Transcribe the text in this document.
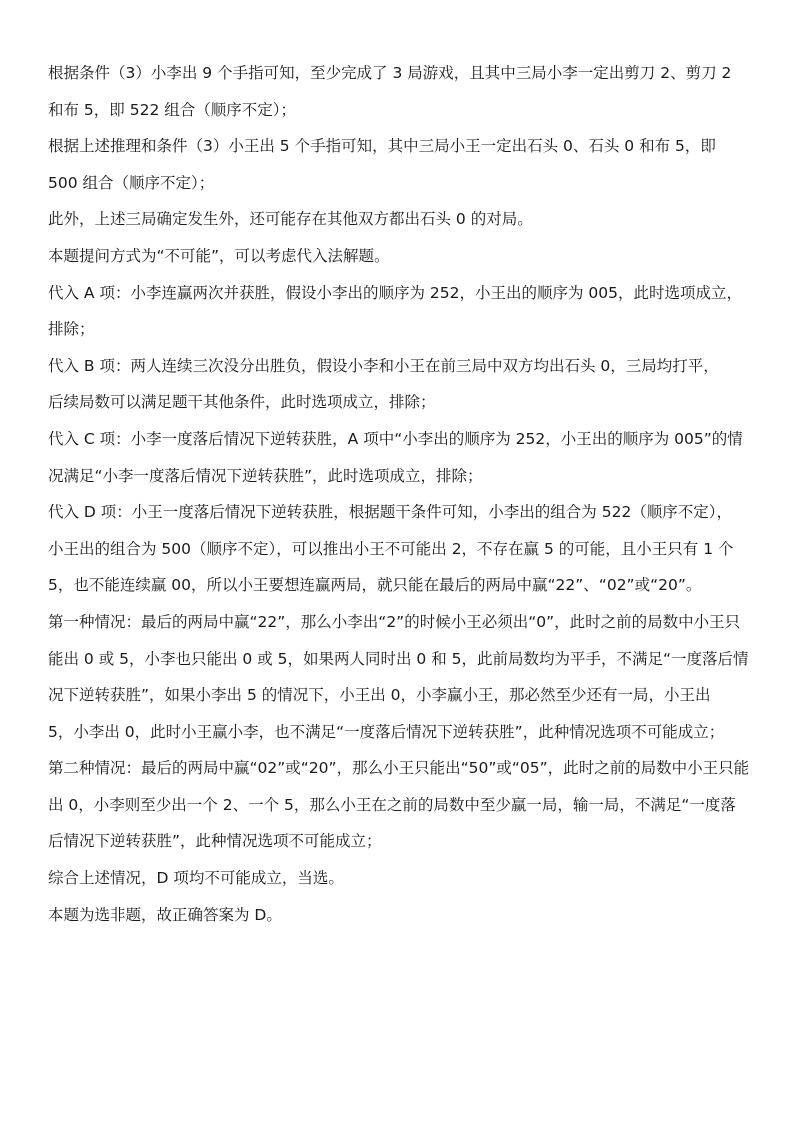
根据条件（3）小李出 9 个手指可知，至少完成了 3 局游戏，且其中三局小李一定出剪刀 2、剪刀 2
和布 5，即 522 组合（顺序不定）；
根据上述推理和条件（3）小王出 5 个手指可知，其中三局小王一定出石头 0、石头 0 和布 5，即
500 组合（顺序不定）；
此外，上述三局确定发生外，还可能存在其他双方都出石头 0 的对局。
本题提问方式为“不可能”，可以考虑代入法解题。
代入 A 项：小李连赢两次并获胜，假设小李出的顺序为 252，小王出的顺序为 005，此时选项成立，
排除；
代入 B 项：两人连续三次没分出胜负，假设小李和小王在前三局中双方均出石头 0，三局均打平，
后续局数可以满足题干其他条件，此时选项成立，排除；
代入 C 项：小李一度落后情况下逆转获胜，A 项中“小李出的顺序为 252，小王出的顺序为 005”的情
况满足“小李一度落后情况下逆转获胜”，此时选项成立，排除；
代入 D 项：小王一度落后情况下逆转获胜，根据题干条件可知，小李出的组合为 522（顺序不定），
小王出的组合为 500（顺序不定），可以推出小王不可能出 2，不存在赢 5 的可能，且小王只有 1 个
5，也不能连续赢 00，所以小王要想连赢两局，就只能在最后的两局中赢“22”、“02”或“20”。
第一种情况：最后的两局中赢“22”，那么小李出“2”的时候小王必须出“0”，此时之前的局数中小王只
能出 0 或 5，小李也只能出 0 或 5，如果两人同时出 0 和 5，此前局数均为平手，不满足“一度落后情
况下逆转获胜”，如果小李出 5 的情况下，小王出 0，小李赢小王，那必然至少还有一局，小王出
5，小李出 0，此时小王赢小李，也不满足“一度落后情况下逆转获胜”，此种情况选项不可能成立；
第二种情况：最后的两局中赢“02”或“20”，那么小王只能出“50”或“05”，此时之前的局数中小王只能
出 0，小李则至少出一个 2、一个 5，那么小王在之前的局数中至少赢一局，输一局，不满足“一度落
后情况下逆转获胜”，此种情况选项不可能成立；
综合上述情况，D 项均不可能成立，当选。
本题为选非题，故正确答案为 D。
